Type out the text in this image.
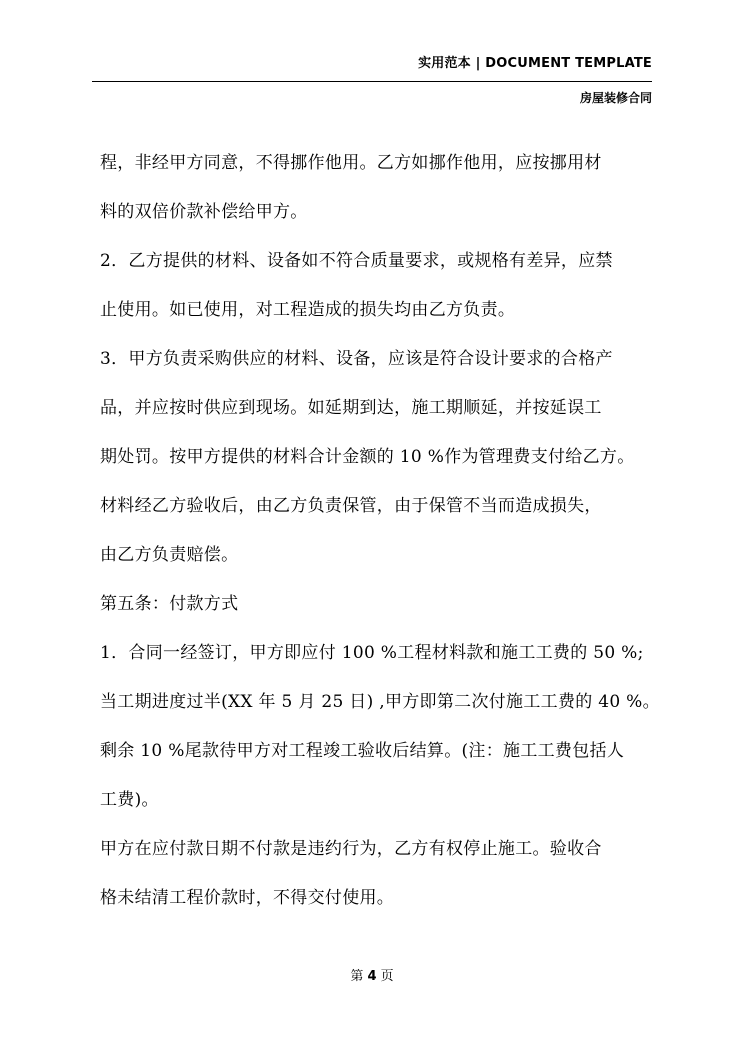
实用范本 | DOCUMENT TEMPLATE
房屋装修合同
程，非经甲方同意，不得挪作他用。乙方如挪作他用，应按挪用材
料的双倍价款补偿给甲方。
2．乙方提供的材料、设备如不符合质量要求，或规格有差异，应禁
止使用。如已使用，对工程造成的损失均由乙方负责。
3．甲方负责采购供应的材料、设备，应该是符合设计要求的合格产
品，并应按时供应到现场。如延期到达，施工期顺延，并按延误工
期处罚。按甲方提供的材料合计金额的 10 %作为管理费支付给乙方。
材料经乙方验收后，由乙方负责保管，由于保管不当而造成损失，
由乙方负责赔偿。
第五条：付款方式
1．合同一经签订，甲方即应付 100 %工程材料款和施工工费的 50 %;
当工期进度过半(XX 年 5 月 25 日) ,甲方即第二次付施工工费的 40 %。
剩余 10 %尾款待甲方对工程竣工验收后结算。(注：施工工费包括人
工费)。
甲方在应付款日期不付款是违约行为，乙方有权停止施工。验收合
格未结清工程价款时，不得交付使用。
第 4 页
